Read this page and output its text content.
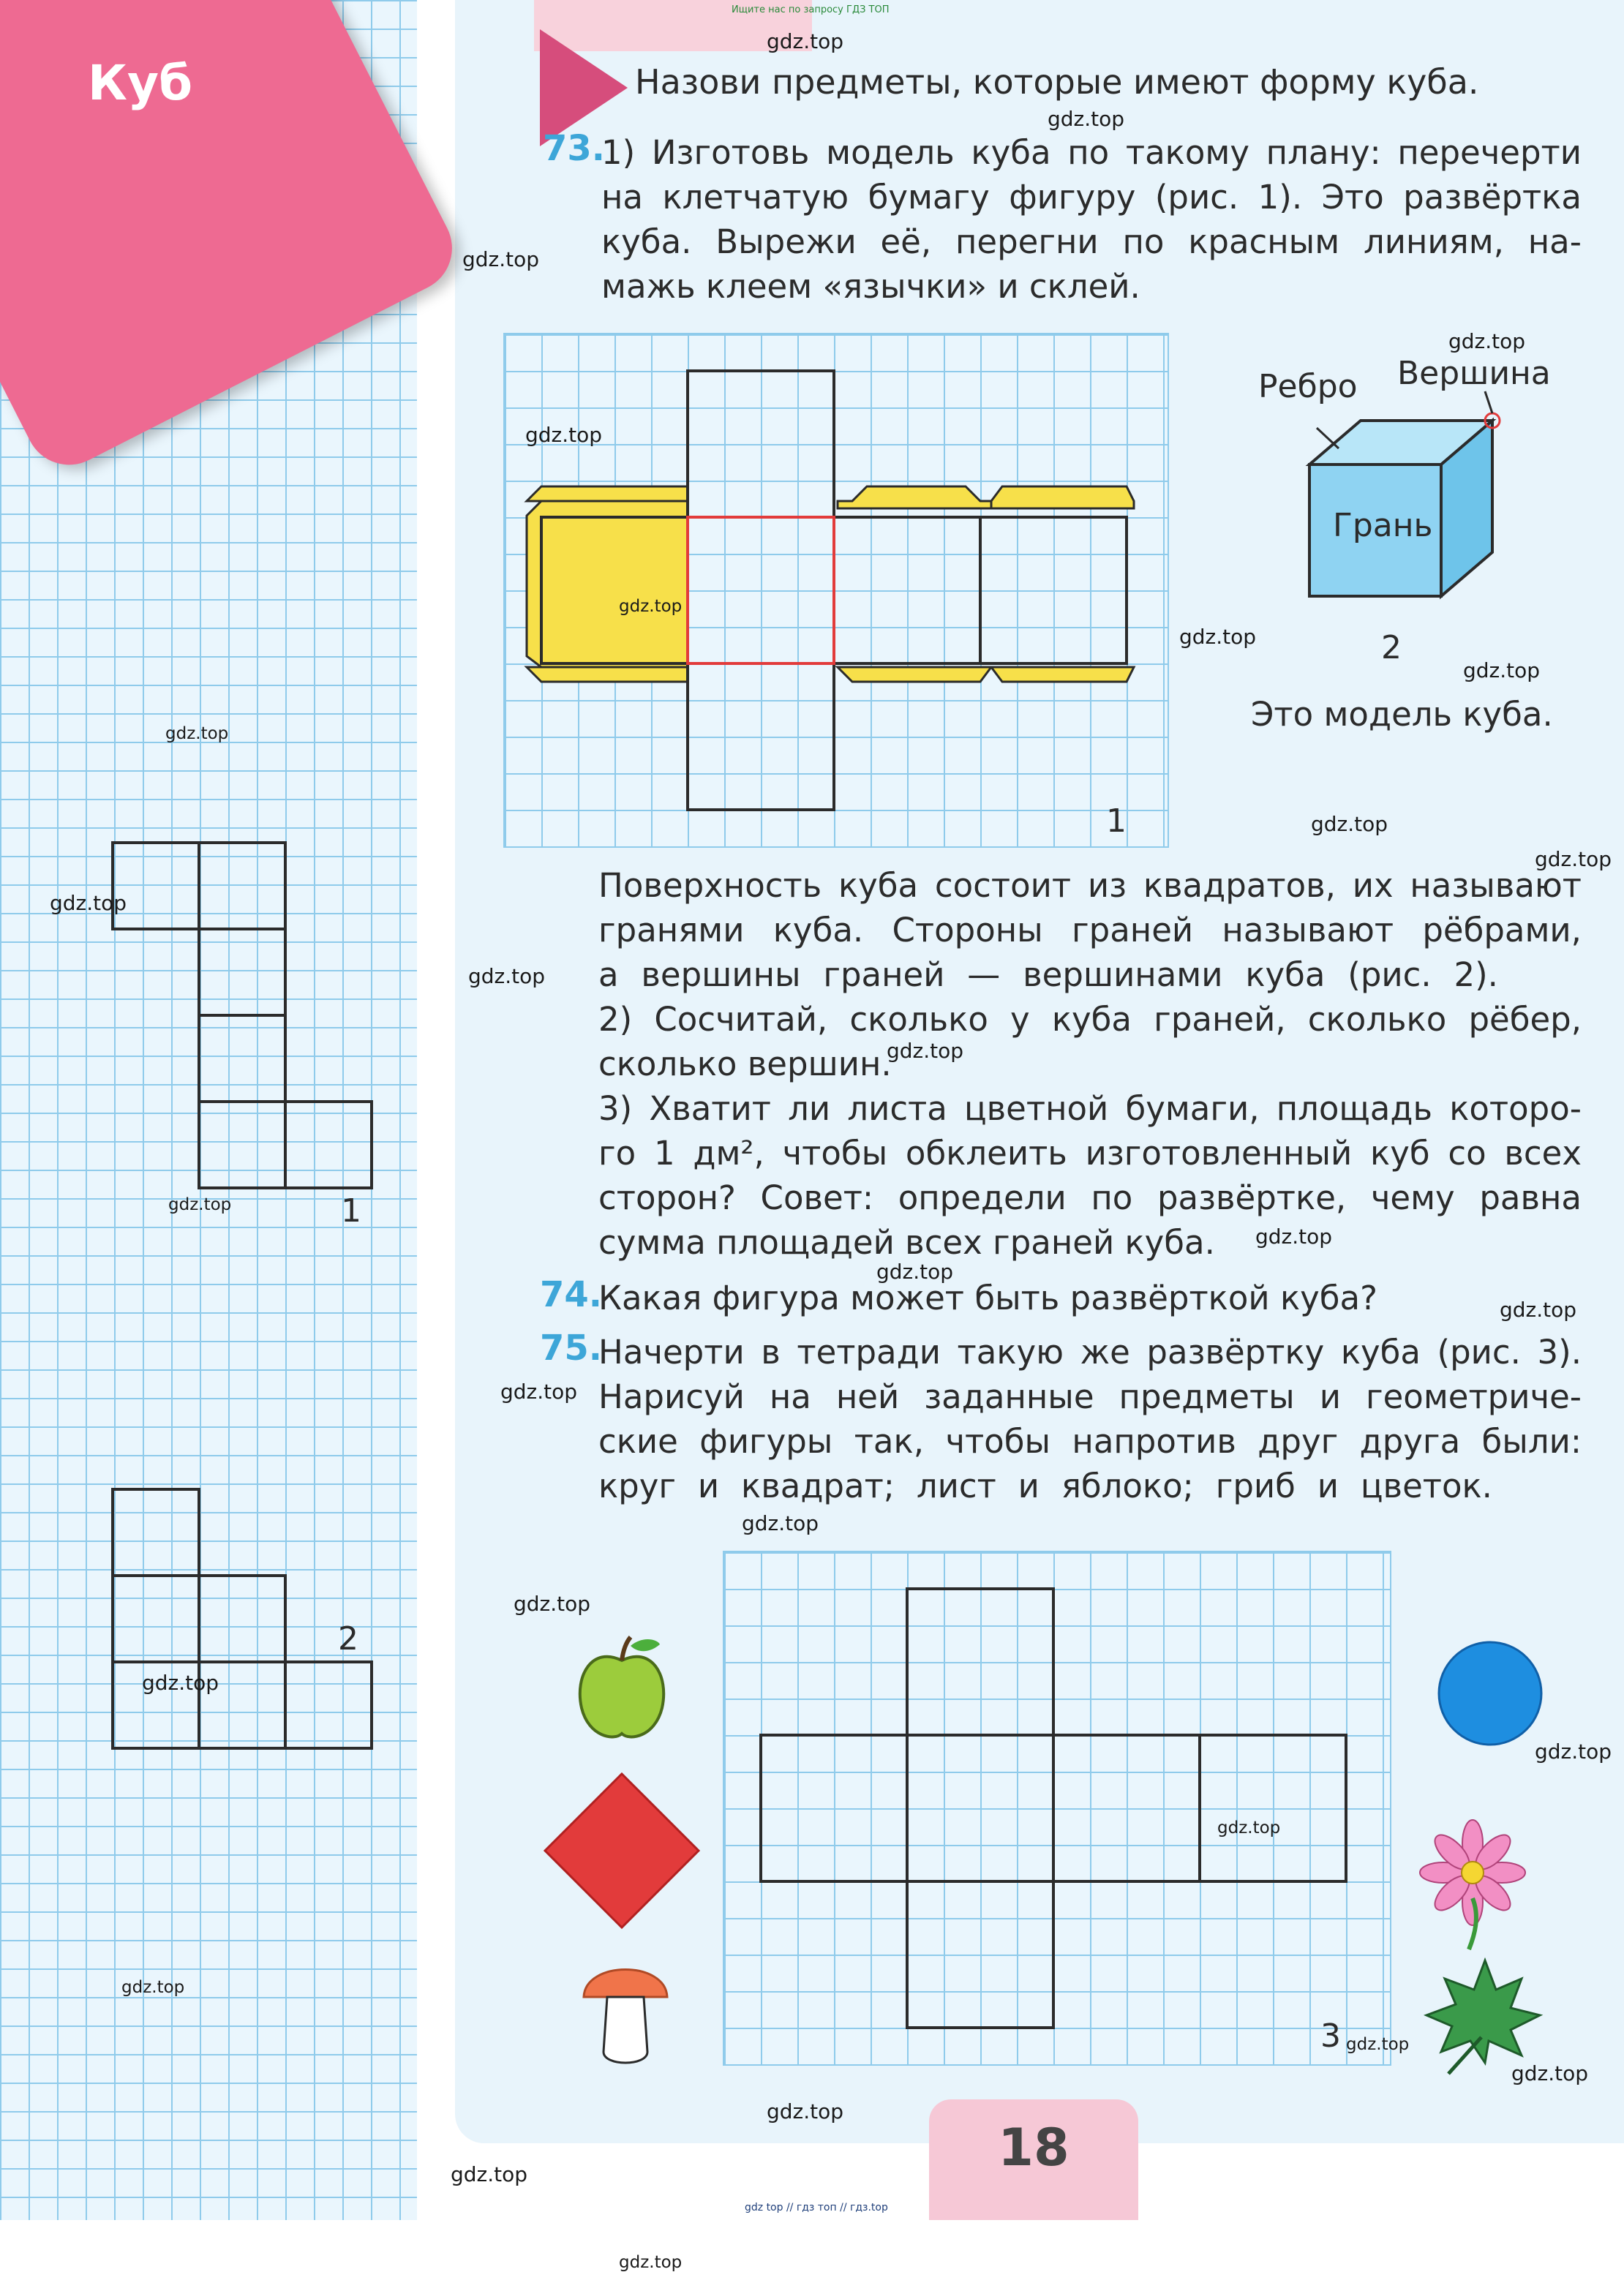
Куб
Ищите нас по запросу ГДЗ ТОП
Назови предметы, которые имеют форму куба.
73.
1) Изготовь модель куба по такому плану: перечерти
на клетчатую бумагу фигуру (рис. 1). Это развёртка
куба. Вырежи её, перегни по красным линиям, на-
мажь клеем «язычки» и склей.
1
Ребро Вершина
Грань
2
Это модель куба.
Поверхность куба состоит из квадратов, их называют
гранями куба. Стороны граней называют рёбрами,
а вершины граней — вершинами куба (рис. 2).
2) Сосчитай, сколько у куба граней, сколько рёбер,
сколько вершин.
3) Хватит ли листа цветной бумаги, площадь которо-
го 1 дм², чтобы обклеить изготовленный куб со всех
сторон? Совет: определи по развёртке, чему равна
сумма площадей всех граней куба.
74.
Какая фигура может быть развёрткой куба?
75.
Начерти в тетради такую же развёртку куба (рис. 3).
Нарисуй на ней заданные предметы и геометриче-
ские фигуры так, чтобы напротив друг друга были:
круг и квадрат; лист и яблоко; гриб и цветок.
3
1
2
18
gdz top // гдз топ // гдз.top
gdz.top
gdz.top
gdz.top
gdz.top
gdz.top
gdz.top
gdz.top
gdz.top
gdz.top
gdz.top
gdz.top
gdz.top
gdz.top
gdz.top
gdz.top
gdz.top
gdz.top
gdz.top
gdz.top
gdz.top
gdz.top
gdz.top
gdz.top
gdz.top
gdz.top
gdz.top
gdz.top
gdz.top
gdz.top
gdz.top
